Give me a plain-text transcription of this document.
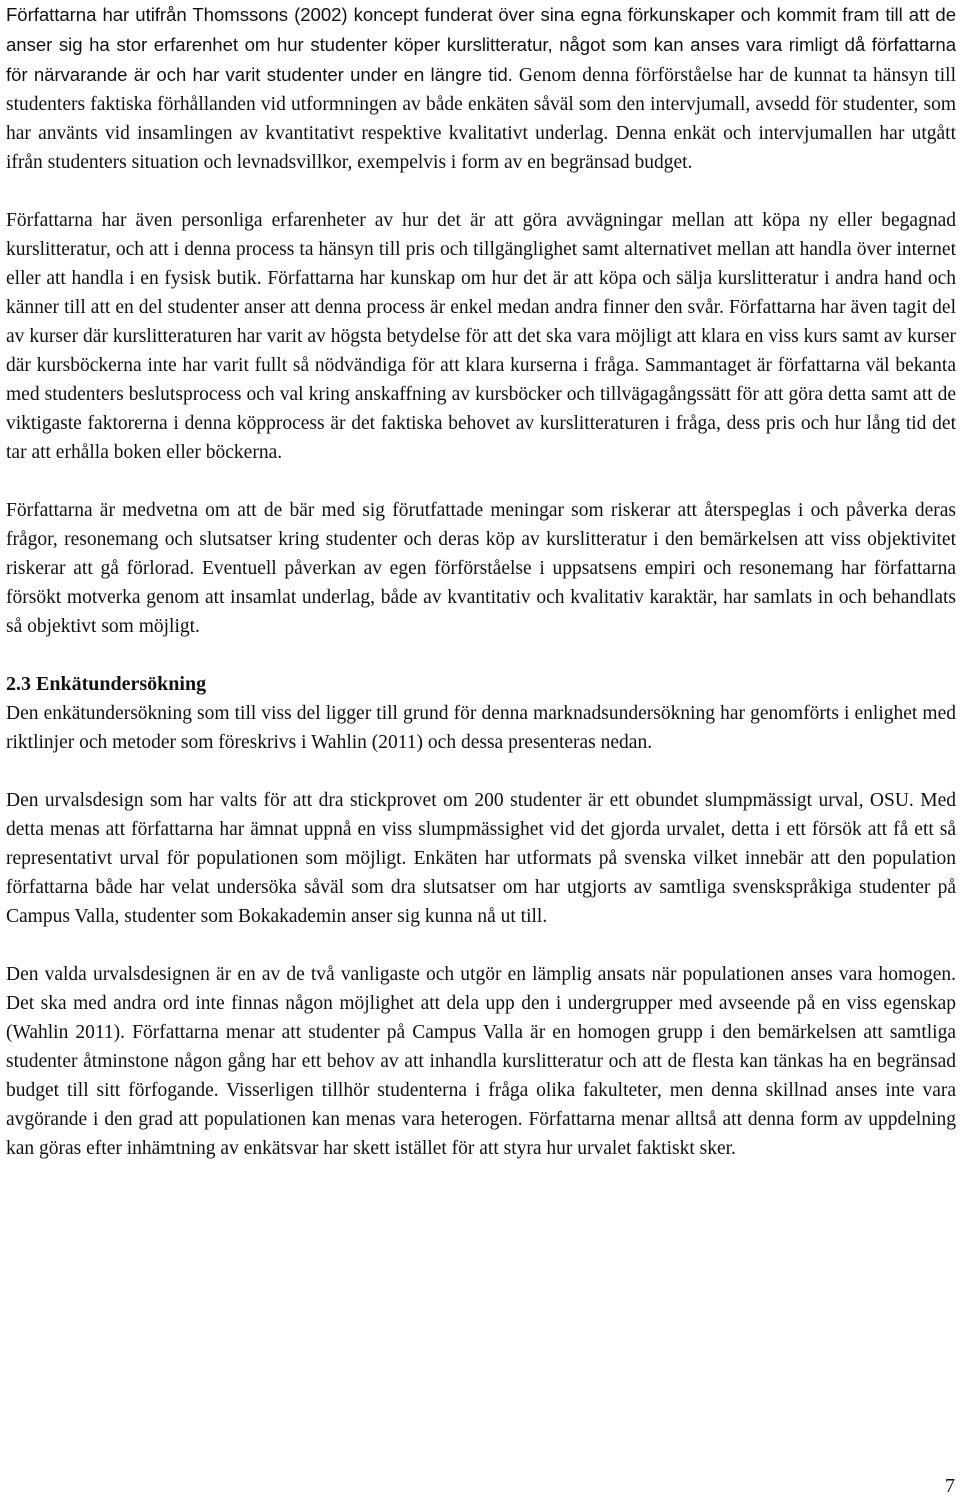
Författarna har utifrån Thomssons (2002) koncept funderat över sina egna förkunskaper och kommit fram till att de anser sig ha stor erfarenhet om hur studenter köper kurslitteratur, något som kan anses vara rimligt då författarna för närvarande är och har varit studenter under en längre tid. Genom denna förförståelse har de kunnat ta hänsyn till studenters faktiska förhållanden vid utformningen av både enkäten såväl som den intervjumall, avsedd för studenter, som har använts vid insamlingen av kvantitativt respektive kvalitativt underlag. Denna enkät och intervjumallen har utgått ifrån studenters situation och levnadsvillkor, exempelvis i form av en begränsad budget.

Författarna har även personliga erfarenheter av hur det är att göra avvägningar mellan att köpa ny eller begagnad kurslitteratur, och att i denna process ta hänsyn till pris och tillgänglighet samt alternativet mellan att handla över internet eller att handla i en fysisk butik. Författarna har kunskap om hur det är att köpa och sälja kurslitteratur i andra hand och känner till att en del studenter anser att denna process är enkel medan andra finner den svår. Författarna har även tagit del av kurser där kurslitteraturen har varit av högsta betydelse för att det ska vara möjligt att klara en viss kurs samt av kurser där kursböckerna inte har varit fullt så nödvändiga för att klara kurserna i fråga. Sammantaget är författarna väl bekanta med studenters beslutsprocess och val kring anskaffning av kursböcker och tillvägagångssätt för att göra detta samt att de viktigaste faktorerna i denna köpprocess är det faktiska behovet av kurslitteraturen i fråga, dess pris och hur lång tid det tar att erhålla boken eller böckerna.

Författarna är medvetna om att de bär med sig förutfattade meningar som riskerar att återspeglas i och påverka deras frågor, resonemang och slutsatser kring studenter och deras köp av kurslitteratur i den bemärkelsen att viss objektivitet riskerar att gå förlorad. Eventuell påverkan av egen förförståelse i uppsatsens empiri och resonemang har författarna försökt motverka genom att insamlat underlag, både av kvantitativ och kvalitativ karaktär, har samlats in och behandlats så objektivt som möjligt.

2.3 Enkätundersökning

Den enkätundersökning som till viss del ligger till grund för denna marknadsundersökning har genomförts i enlighet med riktlinjer och metoder som föreskrivs i Wahlin (2011) och dessa presenteras nedan.

Den urvalsdesign som har valts för att dra stickprovet om 200 studenter är ett obundet slumpmässigt urval, OSU. Med detta menas att författarna har ämnat uppnå en viss slumpmässighet vid det gjorda urvalet, detta i ett försök att få ett så representativt urval för populationen som möjligt. Enkäten har utformats på svenska vilket innebär att den population författarna både har velat undersöka såväl som dra slutsatser om har utgjorts av samtliga svenskspråkiga studenter på Campus Valla, studenter som Bokakademin anser sig kunna nå ut till.

Den valda urvalsdesignen är en av de två vanligaste och utgör en lämplig ansats när populationen anses vara homogen. Det ska med andra ord inte finnas någon möjlighet att dela upp den i undergrupper med avseende på en viss egenskap (Wahlin 2011). Författarna menar att studenter på Campus Valla är en homogen grupp i den bemärkelsen att samtliga studenter åtminstone någon gång har ett behov av att inhandla kurslitteratur och att de flesta kan tänkas ha en begränsad budget till sitt förfogande. Visserligen tillhör studenterna i fråga olika fakulteter, men denna skillnad anses inte vara avgörande i den grad att populationen kan menas vara heterogen. Författarna menar alltså att denna form av uppdelning kan göras efter inhämtning av enkätsvar har skett istället för att styra hur urvalet faktiskt sker.

7
